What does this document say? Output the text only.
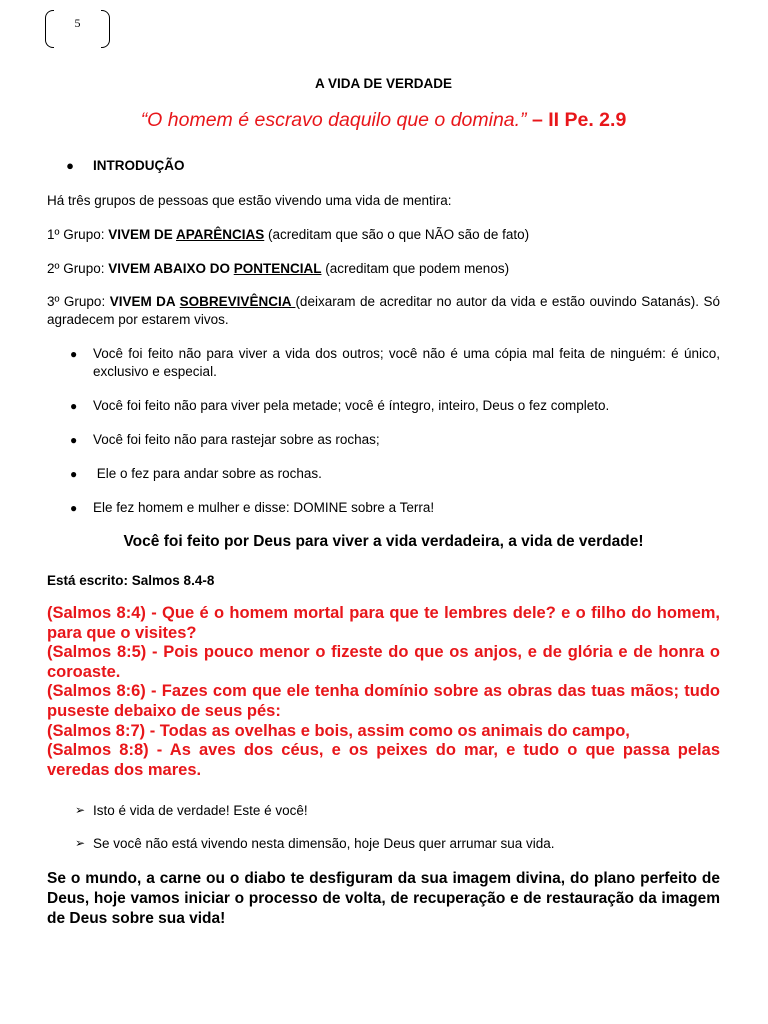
5
A VIDA DE VERDADE
“O homem é escravo daquilo que o domina.” – II Pe. 2.9
● INTRODUÇÃO
Há três grupos de pessoas que estão vivendo uma vida de mentira:
1º Grupo: VIVEM DE APARÊNCIAS (acreditam que são o que NÃO são de fato)
2º Grupo: VIVEM ABAIXO DO PONTENCIAL (acreditam que podem menos)
3º Grupo: VIVEM DA SOBREVIVÊNCIA (deixaram de acreditar no autor da vida e estão ouvindo Satanás). Só agradecem por estarem vivos.
● Você foi feito não para viver a vida dos outros; você não é uma cópia mal feita de ninguém: é único, exclusivo e especial.
● Você foi feito não para viver pela metade; você é íntegro, inteiro, Deus o fez completo.
● Você foi feito não para rastejar sobre as rochas;
● Ele o fez para andar sobre as rochas.
● Ele fez homem e mulher e disse: DOMINE sobre a Terra!
Você foi feito por Deus para viver a vida verdadeira, a vida de verdade!
Está escrito: Salmos 8.4-8
(Salmos 8:4) - Que é o homem mortal para que te lembres dele? e o filho do homem, para que o visites?
(Salmos 8:5) - Pois pouco menor o fizeste do que os anjos, e de glória e de honra o coroaste.
(Salmos 8:6) - Fazes com que ele tenha domínio sobre as obras das tuas mãos; tudo puseste debaixo de seus pés:
(Salmos 8:7) - Todas as ovelhas e bois, assim como os animais do campo,
(Salmos 8:8) - As aves dos céus, e os peixes do mar, e tudo o que passa pelas veredas dos mares.
➢ Isto é vida de verdade! Este é você!
➢ Se você não está vivendo nesta dimensão, hoje Deus quer arrumar sua vida.
Se o mundo, a carne ou o diabo te desfiguram da sua imagem divina, do plano perfeito de Deus, hoje vamos iniciar o processo de volta, de recuperação e de restauração da imagem de Deus sobre sua vida!
